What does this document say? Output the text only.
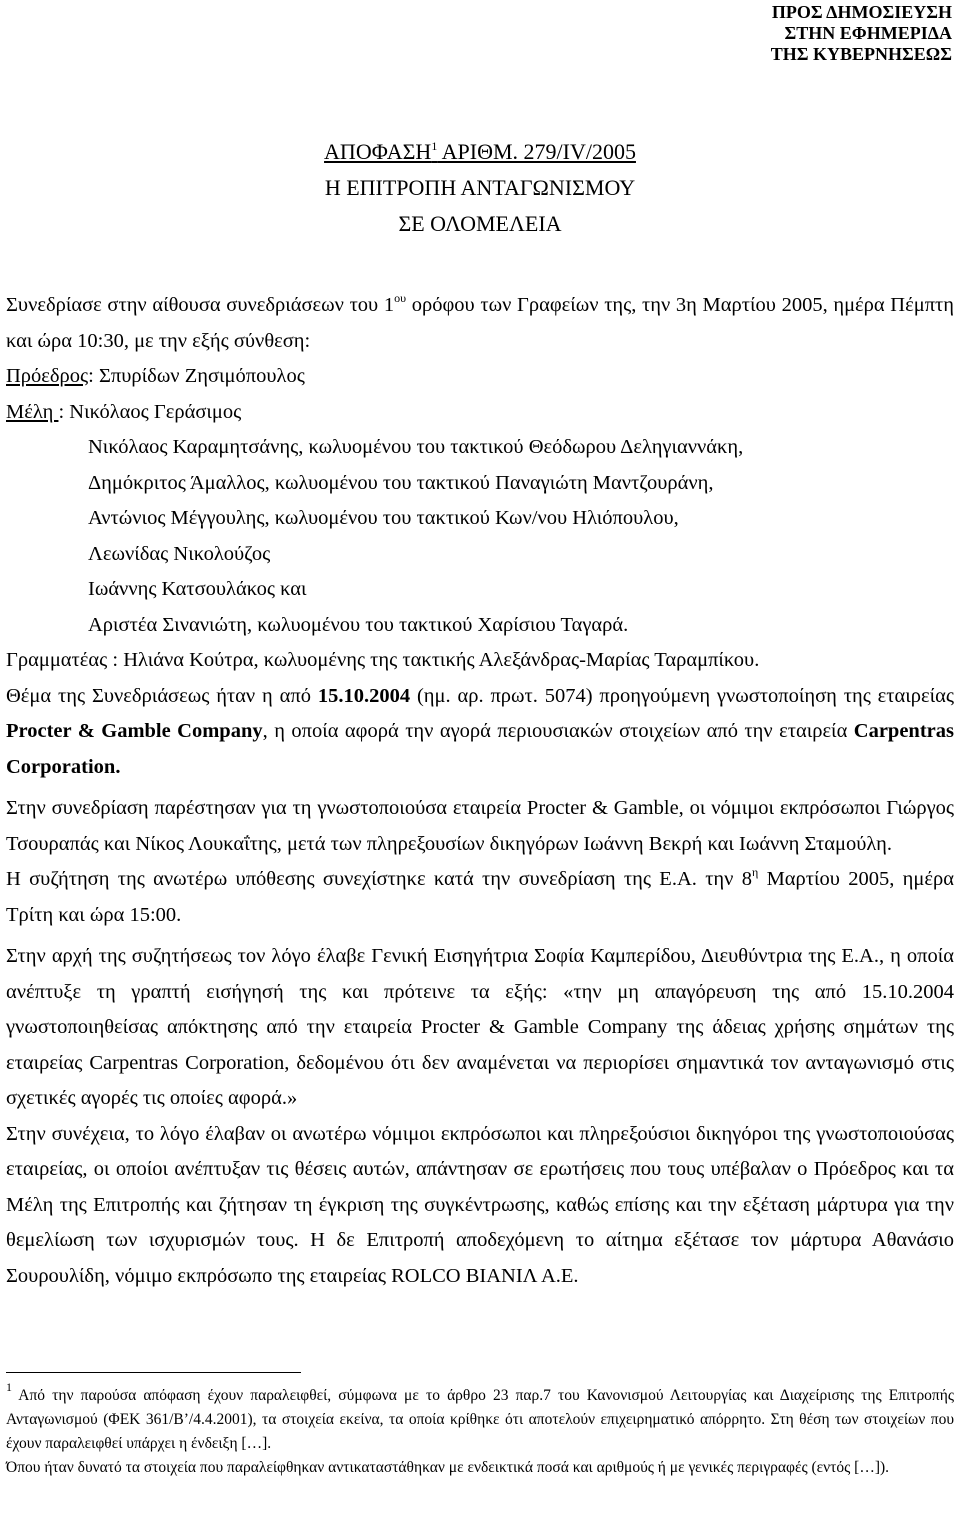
ΠΡΟΣ ΔΗΜΟΣΙΕΥΣΗ
ΣΤΗΝ ΕΦΗΜΕΡΙΔΑ
ΤΗΣ ΚΥΒΕΡΝΗΣΕΩΣ
ΑΠΟΦΑΣΗ$^1$ ΑΡΙΘΜ. 279/IV/2005
Η ΕΠΙΤΡΟΠΗ ΑΝΤΑΓΩΝΙΣΜΟΥ
ΣΕ ΟΛΟΜΕΛΕΙΑ

Συνεδρίασε στην αίθουσα συνεδριάσεων του $1^{o\upsilon}$ ορόφου των Γραφείων της, την 3η Μαρτίου 2005, ημέρα Πέμπτη και ώρα 10:30, με την εξής σύνθεση:

Πρόεδρος: Σπυρίδων Ζησιμόπουλος

Μέλη : Νικόλαος Γεράσιμος

Νικόλαος Καραμητσάνης, κωλυομένου του τακτικού Θεόδωρου Δεληγιαννάκη,

Δημόκριτος Άμαλλος, κωλυομένου του τακτικού Παναγιώτη Μαντζουράνη,

Αντώνιος Μέγγουλης, κωλυομένου του τακτικού Κων/νου Ηλιόπουλου,

Λεωνίδας Νικολούζος

Ιωάννης Κατσουλάκος και

Αριστέα Σινανιώτη, κωλυομένου του τακτικού Χαρίσιου Ταγαρά.

Γραμματέας : Ηλιάνα Κούτρα, κωλυομένης της τακτικής Αλεξάνδρας-Μαρίας Ταραμπίκου.

Θέμα της Συνεδριάσεως ήταν η από 15.10.2004 (ημ. αρ. πρωτ. 5074) προηγούμενη γνωστοποίηση της εταιρείας Procter & Gamble Company, η οποία αφορά την αγορά περιουσιακών στοιχείων από την εταιρεία Carpentras Corporation.

Στην συνεδρίαση παρέστησαν για τη γνωστοποιούσα εταιρεία Procter & Gamble, οι νόμιμοι εκπρόσωποι Γιώργος Τσουραπάς και Νίκος Λουκαΐτης, μετά των πληρεξουσίων δικηγόρων Ιωάννη Βεκρή και Ιωάννη Σταμούλη.

Η συζήτηση της ανωτέρω υπόθεσης συνεχίστηκε κατά την συνεδρίαση της Ε.Α. την $8^\eta$ Μαρτίου 2005, ημέρα Τρίτη και ώρα 15:00.

Στην αρχή της συζητήσεως τον λόγο έλαβε Γενική Εισηγήτρια Σοφία Καμπερίδου, Διευθύντρια της Ε.Α., η οποία ανέπτυξε τη γραπτή εισήγησή της και πρότεινε τα εξής: «την μη απαγόρευση της από 15.10.2004 γνωστοποιηθείσας απόκτησης από την εταιρεία Procter & Gamble Company της άδειας χρήσης σημάτων της εταιρείας Carpentras Corporation, δεδομένου ότι δεν αναμένεται να περιορίσει σημαντικά τον ανταγωνισμό στις σχετικές αγορές τις οποίες αφορά.»

Στην συνέχεια, το λόγο έλαβαν οι ανωτέρω νόμιμοι εκπρόσωποι και πληρεξούσιοι δικηγόροι της γνωστοποιούσας εταιρείας, οι οποίοι ανέπτυξαν τις θέσεις αυτών, απάντησαν σε ερωτήσεις που τους υπέβαλαν ο Πρόεδρος και τα Μέλη της Επιτροπής και ζήτησαν τη έγκριση της συγκέντρωσης, καθώς επίσης και την εξέταση μάρτυρα για την θεμελίωση των ισχυρισμών τους. Η δε Επιτροπή αποδεχόμενη το αίτημα εξέτασε τον μάρτυρα Αθανάσιο Σουρουλίδη, νόμιμο εκπρόσωπο της εταιρείας ROLCO ΒΙΑΝΙΛ Α.Ε.

$^1$ Από την παρούσα απόφαση έχουν παραλειφθεί, σύμφωνα με το άρθρο 23 παρ.7 του Κανονισμού Λειτουργίας και Διαχείρισης της Επιτροπής Ανταγωνισμού (ΦΕΚ 361/Β’/4.4.2001), τα στοιχεία εκείνα, τα οποία κρίθηκε ότι αποτελούν επιχειρηματικό απόρρητο. Στη θέση των στοιχείων που έχουν παραλειφθεί υπάρχει η ένδειξη […].

Όπου ήταν δυνατό τα στοιχεία που παραλείφθηκαν αντικαταστάθηκαν με ενδεικτικά ποσά και αριθμούς ή με γενικές περιγραφές (εντός […]).
